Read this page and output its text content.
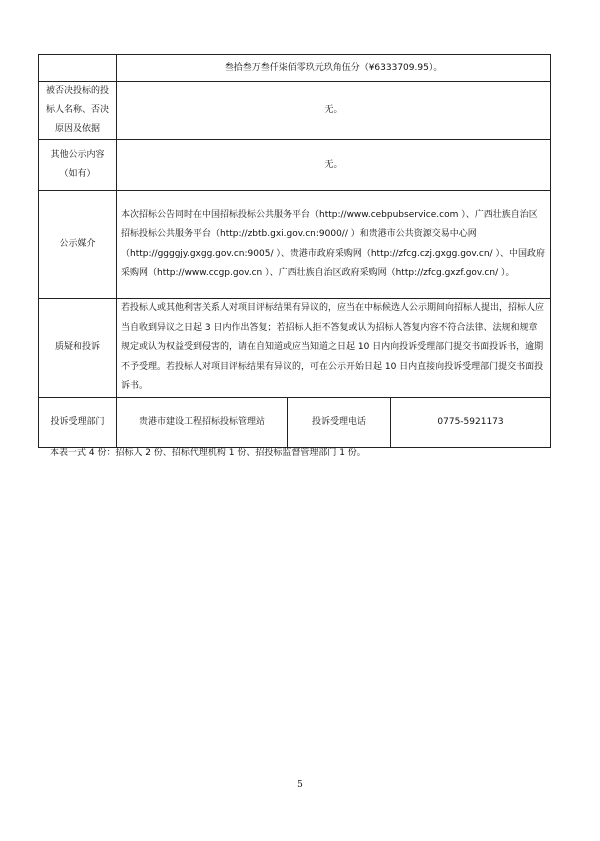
	叁拾叁万叁仟柒佰零玖元玖角伍分（¥6333709.95）。		
被否决投标的投标人名称、否决原因及依据	无。		
其他公示内容（如有）	无。		
公示媒介	本次招标公告同时在中国招标投标公共服务平台（http://www.cebpubservice.com ）、广西壮族自治区招标投标公共服务平台（http://zbtb.gxi.gov.cn:9000// ）和贵港市公共资源交易中心网（http://ggggjy.gxgg.gov.cn:9005/ ）、贵港市政府采购网（http://zfcg.czj.gxgg.gov.cn/ ）、中国政府采购网（http://www.ccgp.gov.cn ）、广西壮族自治区政府采购网（http://zfcg.gxzf.gov.cn/ ）。		
质疑和投诉	若投标人或其他利害关系人对项目评标结果有异议的，应当在中标候选人公示期间向招标人提出，招标人应当自收到异议之日起 3 日内作出答复；若招标人拒不答复或认为招标人答复内容不符合法律、法规和规章规定或认为权益受到侵害的，请在自知道或应当知道之日起 10 日内向投诉受理部门提交书面投诉书，逾期不予受理。若投标人对项目评标结果有异议的，可在公示开始日起 10 日内直接向投诉受理部门提交书面投诉书。		
投诉受理部门	贵港市建设工程招标投标管理站	投诉受理电话	0775-5921173
本表一式 4 份：招标人 2 份、招标代理机构 1 份、招投标监督管理部门 1 份。
5
